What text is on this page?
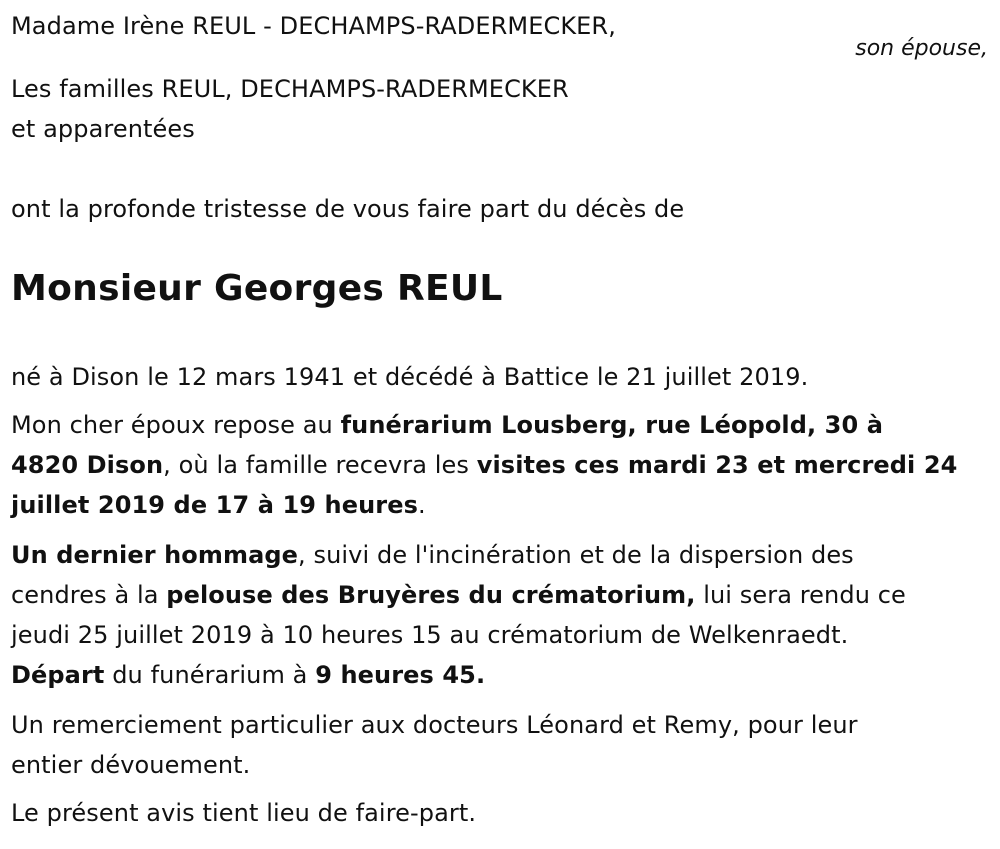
Madame Irène REUL - DECHAMPS-RADERMECKER,
son épouse,
Les familles REUL, DECHAMPS-RADERMECKER
et apparentées
ont la profonde tristesse de vous faire part du décès de
Monsieur Georges REUL
né à Dison le 12 mars 1941 et décédé à Battice le 21 juillet 2019.
Mon cher époux repose au funérarium Lousberg, rue Léopold, 30 à
4820 Dison, où la famille recevra les visites ces mardi 23 et mercredi 24
juillet 2019 de 17 à 19 heures.
Un dernier hommage, suivi de l'incinération et de la dispersion des
cendres à la pelouse des Bruyères du crématorium, lui sera rendu ce
jeudi 25 juillet 2019 à 10 heures 15 au crématorium de Welkenraedt.
Départ du funérarium à 9 heures 45.
Un remerciement particulier aux docteurs Léonard et Remy, pour leur
entier dévouement.
Le présent avis tient lieu de faire-part.
